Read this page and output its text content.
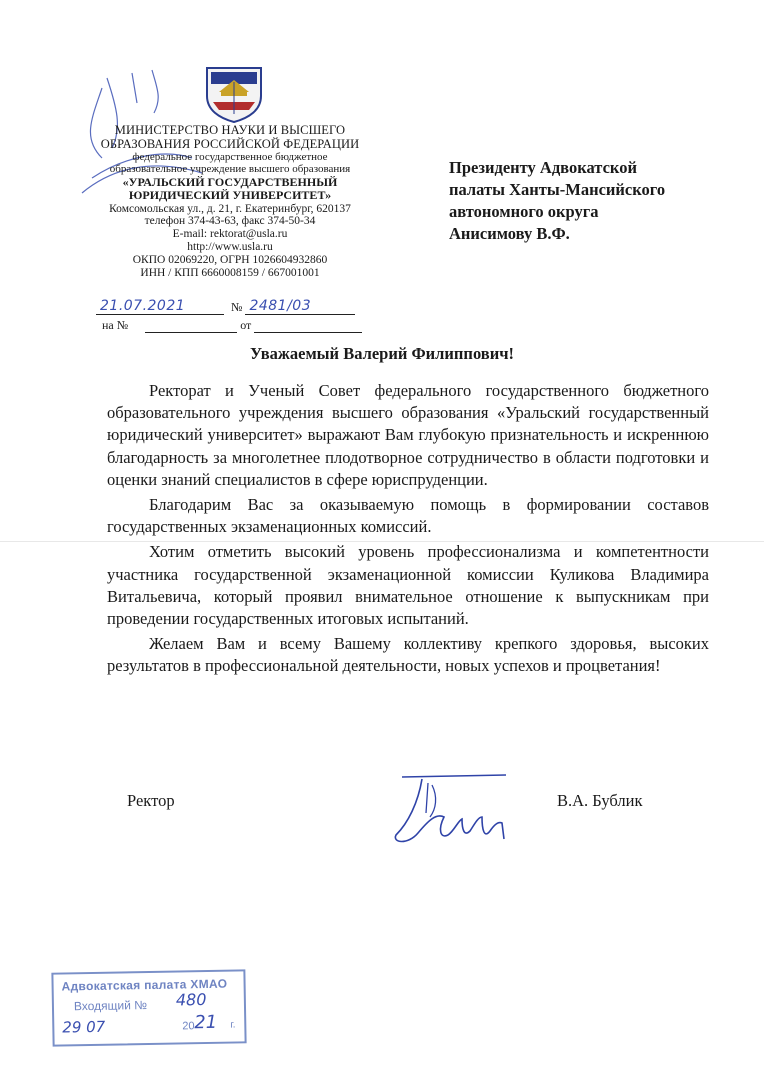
МИНИСТЕРСТВО НАУКИ И ВЫСШЕГО
ОБРАЗОВАНИЯ РОССИЙСКОЙ ФЕДЕРАЦИИ
федеральное государственное бюджетное
образовательное учреждение высшего образования
«УРАЛЬСКИЙ ГОСУДАРСТВЕННЫЙ
ЮРИДИЧЕСКИЙ УНИВЕРСИТЕТ»
Комсомольская ул., д. 21, г. Екатеринбург, 620137
телефон 374-43-63, факс 374-50-34
E-mail: rektorat@usla.ru
http://www.usla.ru
ОКПО 02069220, ОГРН 1026604932860
ИНН / КПП 6660008159 / 667001001
21.07.2021	№ 2481/03
на №	от
Президенту Адвокатской
палаты Ханты-Мансийского
автономного округа
Анисимову В.Ф.
Уважаемый Валерий Филиппович!

Ректорат и Ученый Совет федерального государственного бюджетного образовательного учреждения высшего образования «Уральский государственный юридический университет» выражают Вам глубокую признательность и искреннюю благодарность за многолетнее плодотворное сотрудничество в области подготовки и оценки знаний специалистов в сфере юриспруденции.

Благодарим Вас за оказываемую помощь в формировании составов государственных экзаменационных комиссий.

Хотим отметить высокий уровень профессионализма и компетентности участника государственной экзаменационной комиссии Куликова Владимира Витальевича, который проявил внимательное отношение к выпускникам при проведении государственных итоговых испытаний.

Желаем Вам и всему Вашему коллективу крепкого здоровья, высоких результатов в профессиональной деятельности, новых успехов и процветания!

Ректор	В.А. Бублик
Адвокатская палата ХМАО
Входящий № 480
29 07	20 21 г.
